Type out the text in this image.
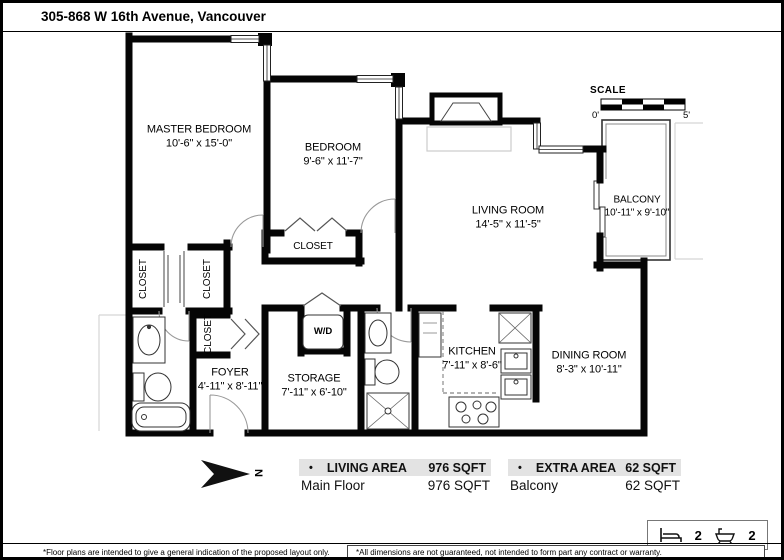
305-868 W 16th Avenue, Vancouver
MASTER BEDROOM
10'-6" x 15'-0"	BEDROOM
9'-6" x 11'-7"
LIVING ROOM
14'-5" x 11'-5"
BALCONY
10'-11" x 9'-10"
FOYER
4'-11" x 8'-11"
STORAGE
7'-11" x 6'-10"
KITCHEN
7'-11" x 8'-6"
DINING ROOM
8'-3" x 10'-11"
CLOSET
CLOSET	CLOSET
CLOSET	W/D
SCALE
0'	5'
N	•	LIVING AREA 976 SQFT	•	EXTRA AREA 62 SQFT
Main Floor	976 SQFT Balcony	62 SQFT
2	2
*Floor plans are intended to give a general indication of the proposed layout only.	*All dimensions are not guaranteed, not intended to form part any contract or warranty.
